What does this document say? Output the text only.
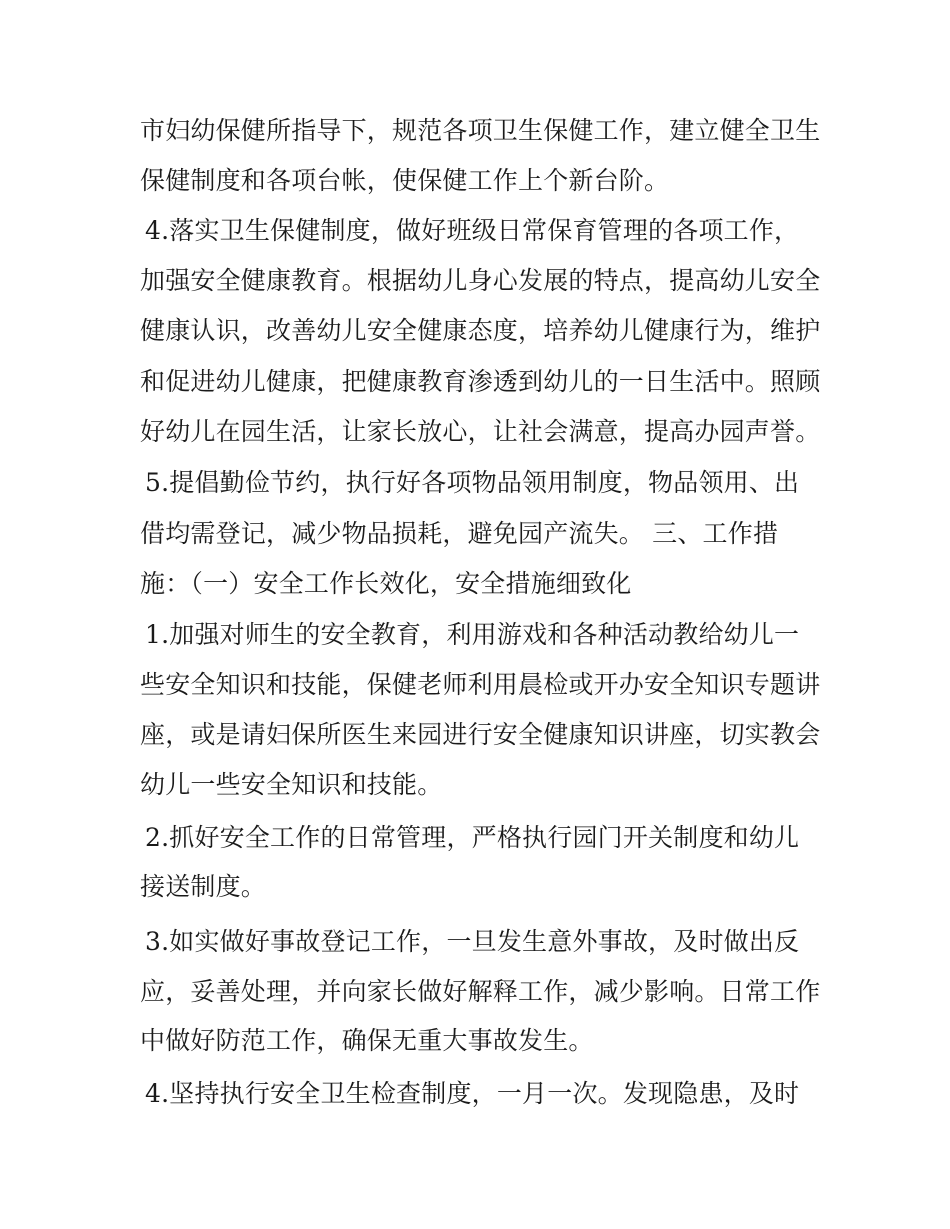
市妇幼保健所指导下，规范各项卫生保健工作，建立健全卫生
保健制度和各项台帐，使保健工作上个新台阶。
4.落实卫生保健制度，做好班级日常保育管理的各项工作，
加强安全健康教育。根据幼儿身心发展的特点，提高幼儿安全
健康认识，改善幼儿安全健康态度，培养幼儿健康行为，维护
和促进幼儿健康，把健康教育渗透到幼儿的一日生活中。照顾
好幼儿在园生活，让家长放心，让社会满意，提高办园声誉。
5.提倡勤俭节约，执行好各项物品领用制度，物品领用、出
借均需登记，减少物品损耗，避免园产流失。 三、工作措
施：（一）安全工作长效化，安全措施细致化
1.加强对师生的安全教育，利用游戏和各种活动教给幼儿一
些安全知识和技能，保健老师利用晨检或开办安全知识专题讲
座，或是请妇保所医生来园进行安全健康知识讲座，切实教会
幼儿一些安全知识和技能。
2.抓好安全工作的日常管理，严格执行园门开关制度和幼儿
接送制度。
3.如实做好事故登记工作，一旦发生意外事故，及时做出反
应，妥善处理，并向家长做好解释工作，减少影响。日常工作
中做好防范工作，确保无重大事故发生。
4.坚持执行安全卫生检查制度，一月一次。发现隐患，及时
